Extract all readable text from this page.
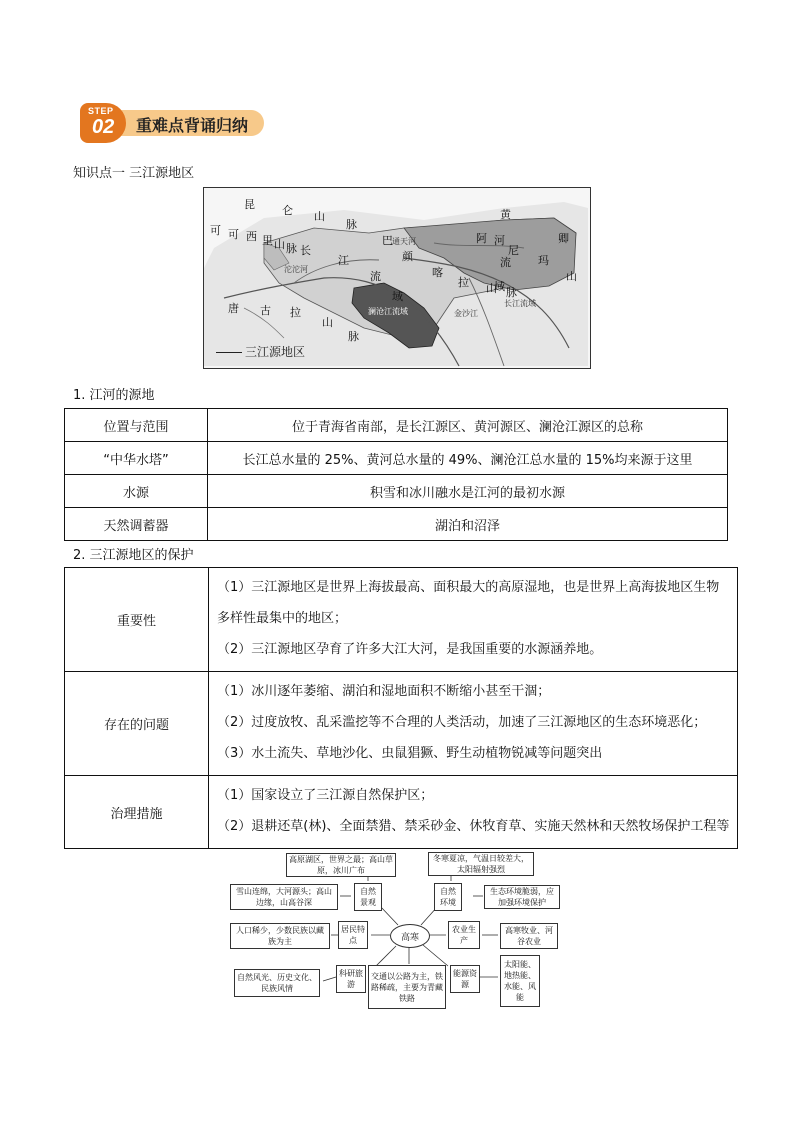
STEP
02 重难点背诵归纳
知识点一 三江源地区
可 可 西 里 山 脉
昆 仑 山
脉
长
江
流
域
巴
颜
喀
拉 山 脉
黄
河
阿
尼
玛
卿
山
流
域
唐 古 拉
山
脉
沱沱河
通天河
澜沧江流域	金沙江
长江流域
三江源地区
1. 江河的源地
位置与范围	位于青海省南部，是长江源区、黄河源区、澜沧江源区的总称
“中华水塔”	长江总水量的 25%、黄河总水量的 49%、澜沧江总水量的 15%均来源于这里
水源	积雪和冰川融水是江河的最初水源
天然调蓄器	湖泊和沼泽
2. 三江源地区的保护
重要性	（1）三江源地区是世界上海拔最高、面积最大的高原湿地，也是世界上高海拔地区生物多样性最集中的地区；
（2）三江源地区孕育了许多大江大河，是我国重要的水源涵养地。

存在的问题	（1）冰川逐年萎缩、湖泊和湿地面积不断缩小甚至干涸；
（2）过度放牧、乱采滥挖等不合理的人类活动，加速了三江源地区的生态环境恶化；
（3）水土流失、草地沙化、虫鼠猖獗、野生动植物锐减等问题突出

治理措施	（1）国家设立了三江源自然保护区；
（2）退耕还草(林)、全面禁猎、禁采砂金、休牧育草、实施天然林和天然牧场保护工程等
高原湖区，世界之最；高山草原，冰川广布
雪山连绵，大河源头；高山边缘，山高谷深
自然景观
冬寒夏凉，气温日较差大，太阳辐射强烈
自然环境
生态环境脆弱，应加强环境保护
人口稀少，少数民族以藏族为主
居民特点	高寒
农业生产
高寒牧业、河谷农业
自然风光、历史文化、民族风情
科研旅游
交通以公路为主，铁路稀疏，主要为青藏铁路
能源资源
太阳能、地热能、水能、风能
